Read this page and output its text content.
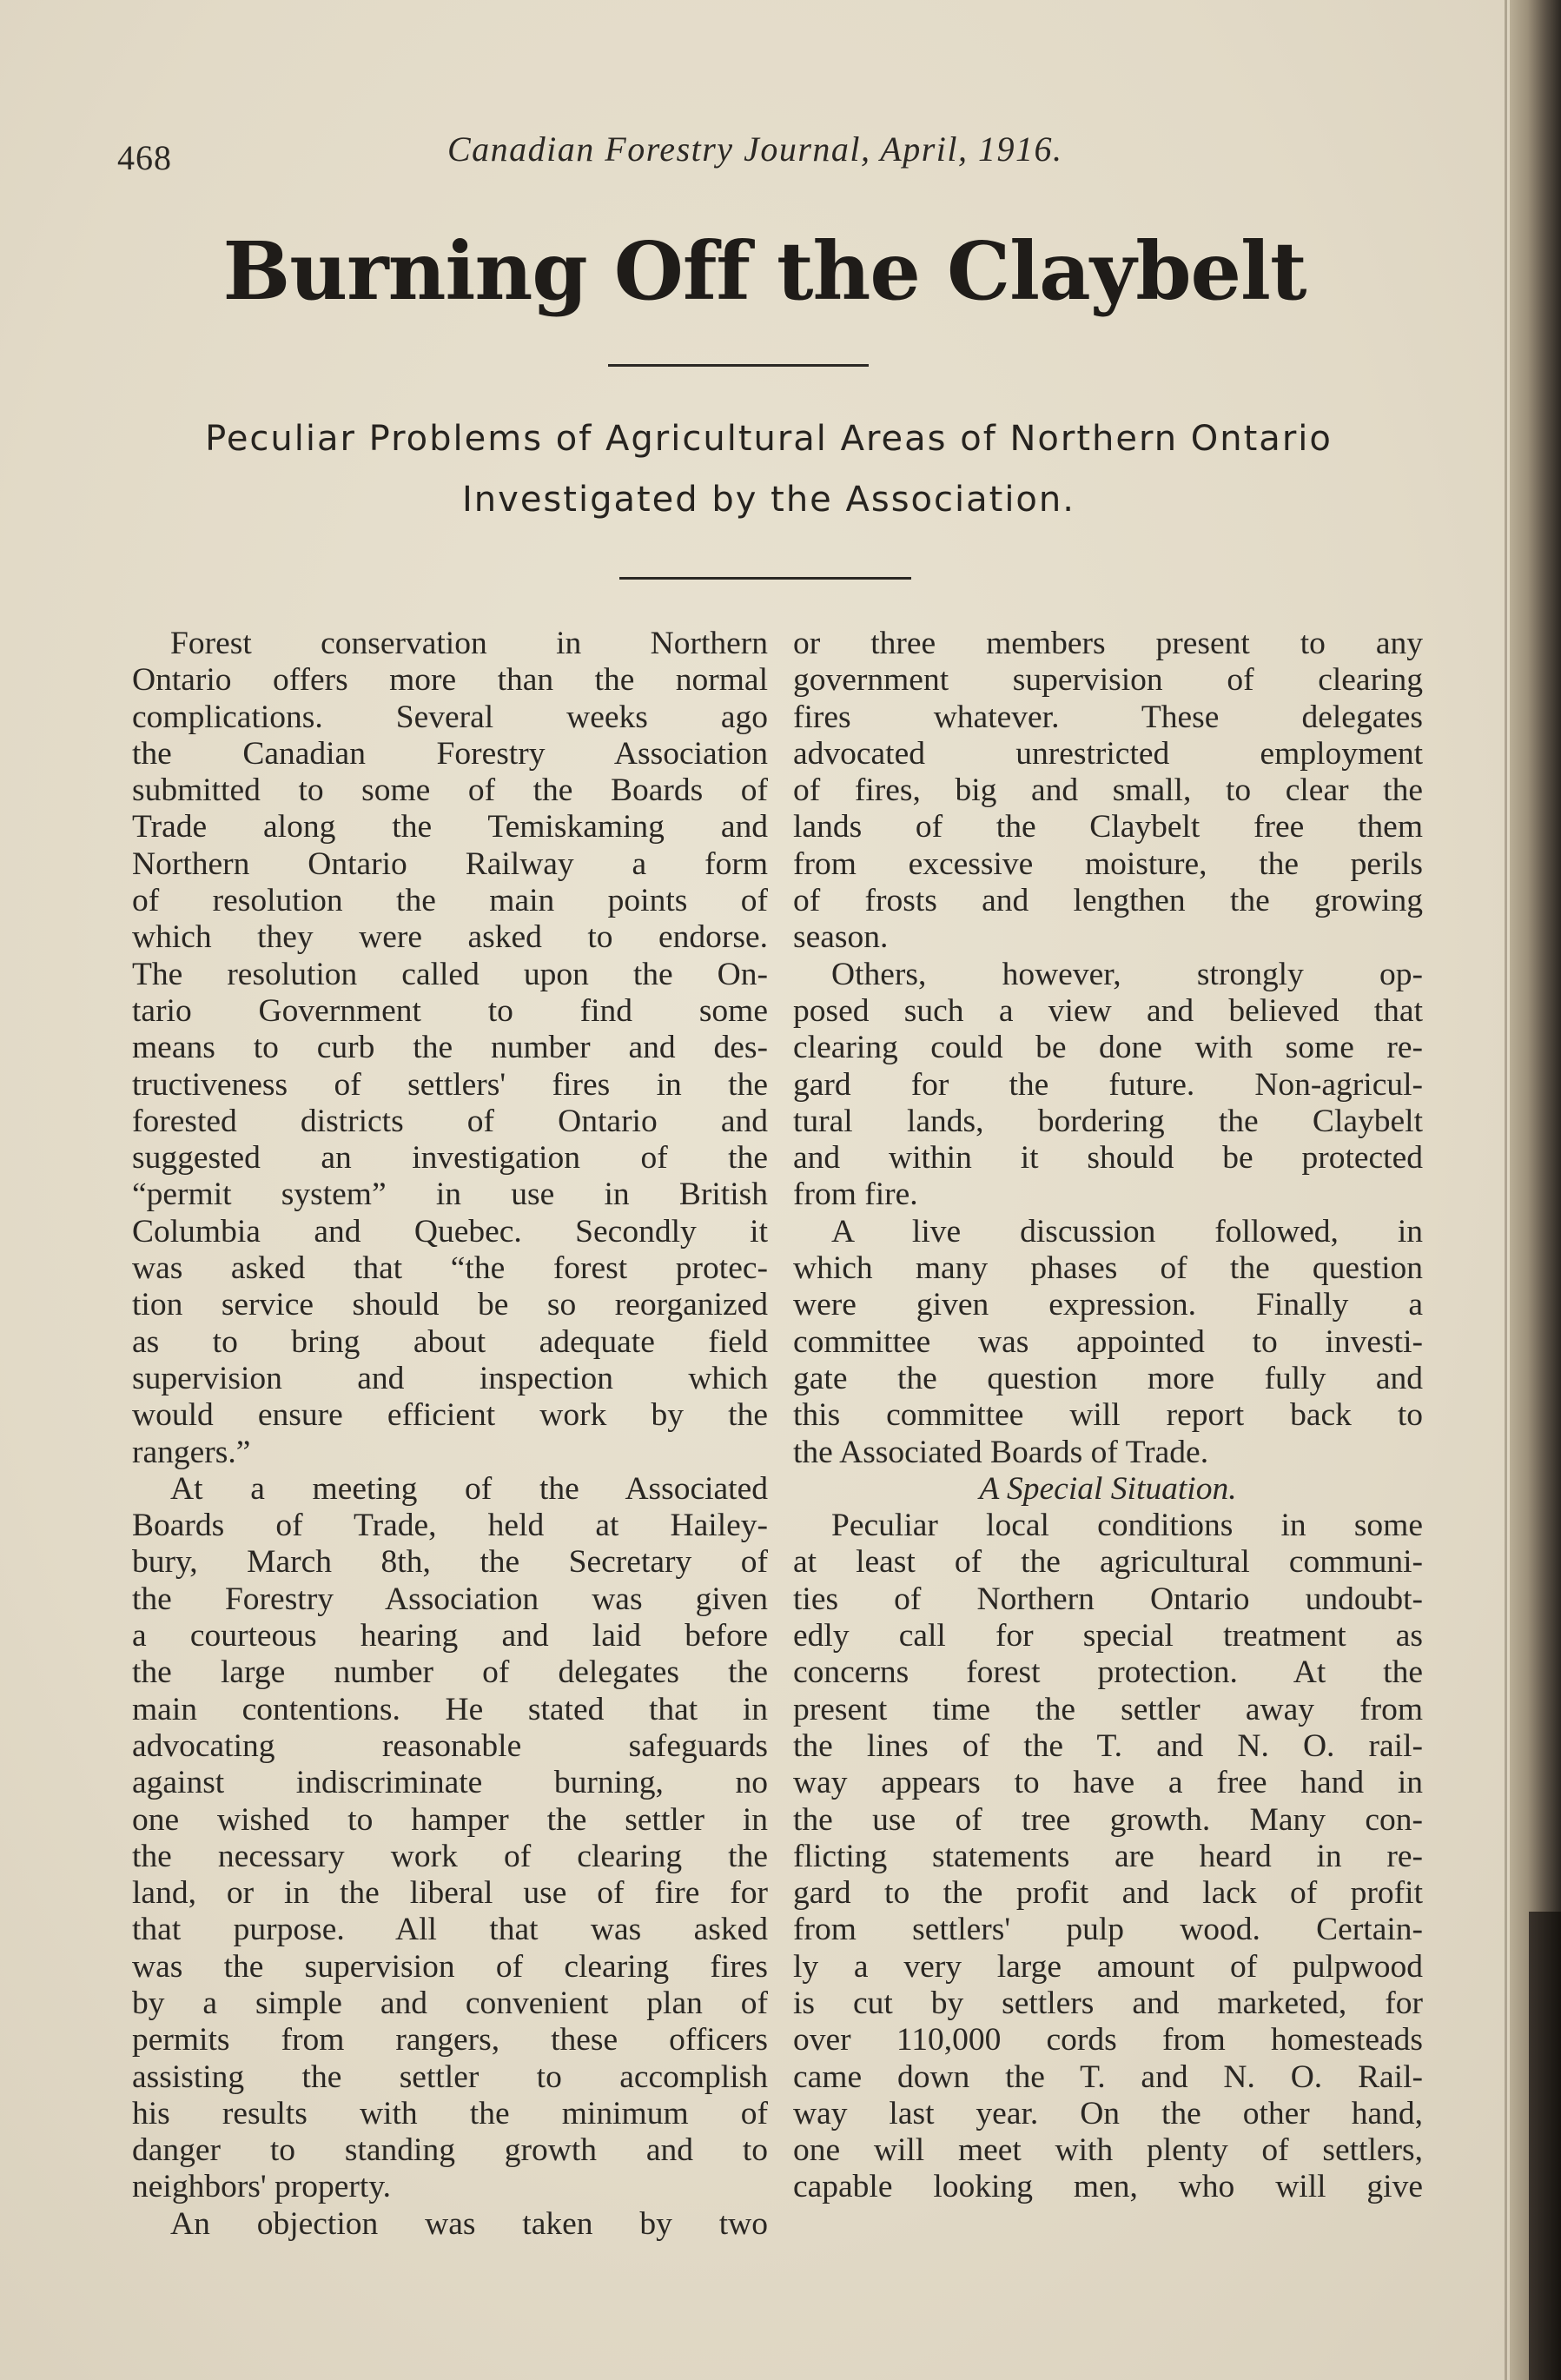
468	Canadian Forestry Journal, April, 1916.
Burning Off the Claybelt
Peculiar Problems of Agricultural Areas of Northern Ontario
Investigated by the Association.
Forest conservation in Northern
Ontario offers more than the normal
complications. Several weeks ago
the Canadian Forestry Association
submitted to some of the Boards of
Trade along the Temiskaming and
Northern Ontario Railway a form
of resolution the main points of
which they were asked to endorse.
The resolution called upon the On-
tario Government to find some
means to curb the number and des-
tructiveness of settlers' fires in the
forested districts of Ontario and
suggested an investigation of the
“permit system” in use in British
Columbia and Quebec. Secondly it
was asked that “the forest protec-
tion service should be so reorganized
as to bring about adequate field
supervision and inspection which
would ensure efficient work by the
rangers.”
At a meeting of the Associated
Boards of Trade, held at Hailey-
bury, March 8th, the Secretary of
the Forestry Association was given
a courteous hearing and laid before
the large number of delegates the
main contentions. He stated that in
advocating reasonable safeguards
against indiscriminate burning, no
one wished to hamper the settler in
the necessary work of clearing the
land, or in the liberal use of fire for
that purpose. All that was asked
was the supervision of clearing fires
by a simple and convenient plan of
permits from rangers, these officers
assisting the settler to accomplish
his results with the minimum of
danger to standing growth and to
neighbors' property.
An objection was taken by two
or three members present to any
government supervision of clearing
fires whatever. These delegates
advocated unrestricted employment
of fires, big and small, to clear the
lands of the Claybelt free them
from excessive moisture, the perils
of frosts and lengthen the growing
season.
Others, however, strongly op-
posed such a view and believed that
clearing could be done with some re-
gard for the future. Non-agricul-
tural lands, bordering the Claybelt
and within it should be protected
from fire.
A live discussion followed, in
which many phases of the question
were given expression. Finally a
committee was appointed to investi-
gate the question more fully and
this committee will report back to
the Associated Boards of Trade.
A Special Situation.
Peculiar local conditions in some
at least of the agricultural communi-
ties of Northern Ontario undoubt-
edly call for special treatment as
concerns forest protection. At the
present time the settler away from
the lines of the T. and N. O. rail-
way appears to have a free hand in
the use of tree growth. Many con-
flicting statements are heard in re-
gard to the profit and lack of profit
from settlers' pulp wood. Certain-
ly a very large amount of pulpwood
is cut by settlers and marketed, for
over 110,000 cords from homesteads
came down the T. and N. O. Rail-
way last year. On the other hand,
one will meet with plenty of settlers,
capable looking men, who will give
